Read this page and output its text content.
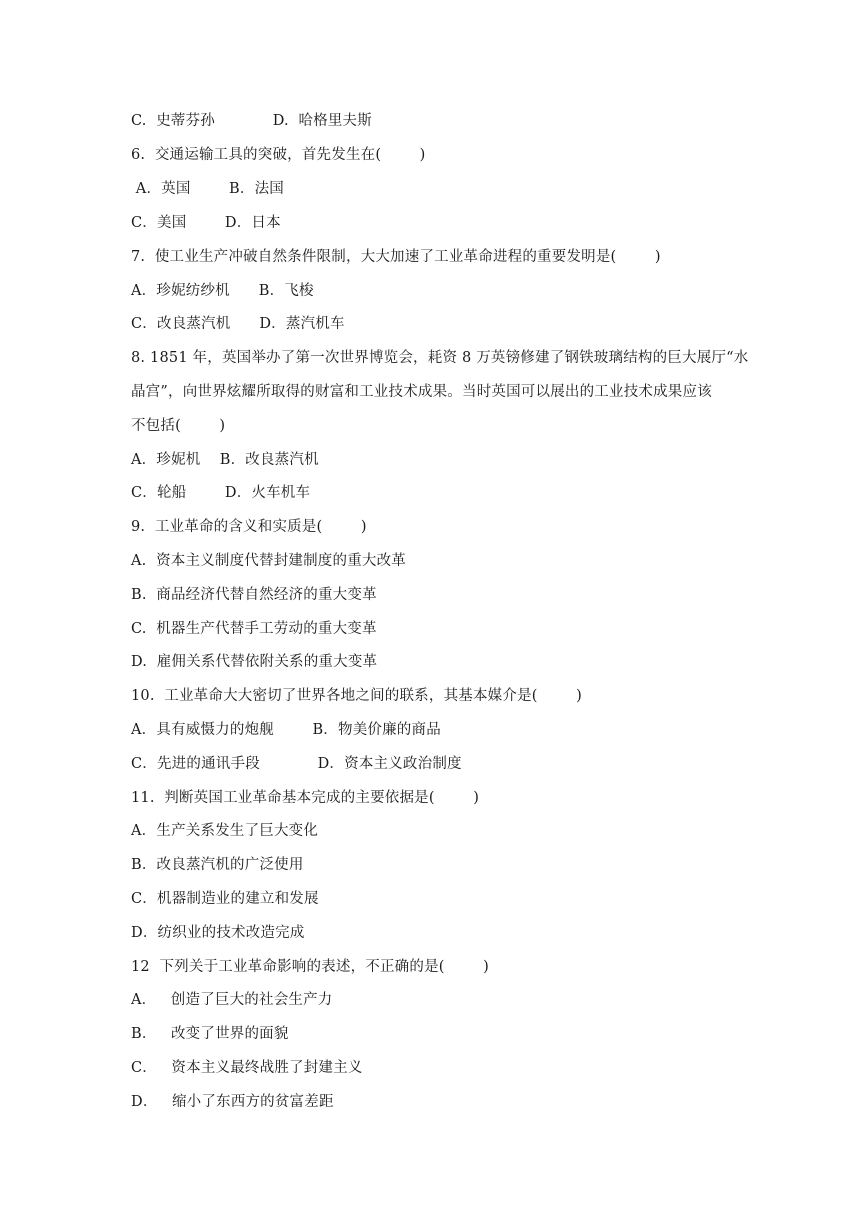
C.  史蒂芬孙            D.  哈格里夫斯
6.  交通运输工具的突破，首先发生在(        )
A．英国        B．法国
C．美国        D．日本
7.  使工业生产冲破自然条件限制，大大加速了工业革命进程的重要发明是(        )
A．珍妮纺纱机      B．飞梭
C．改良蒸汽机      D．蒸汽机车
8. 1851 年，英国举办了第一次世界博览会，耗资 8 万英镑修建了钢铁玻璃结构的巨大展厅“水
晶宫”，向世界炫耀所取得的财富和工业技术成果。当时英国可以展出的工业技术成果应该
不包括(        )
A．珍妮机    B．改良蒸汽机
C．轮船        D．火车机车
9.  工业革命的含义和实质是(        )
A.  资本主义制度代替封建制度的重大改革
B.  商品经济代替自然经济的重大变革
C.  机器生产代替手工劳动的重大变革
D.  雇佣关系代替依附关系的重大变革
10.  工业革命大大密切了世界各地之间的联系，其基本媒介是(        )
A．具有威慑力的炮舰        B．物美价廉的商品
C．先进的通讯手段            D．资本主义政治制度
11.  判断英国工业革命基本完成的主要依据是(        )
A．生产关系发生了巨大变化
B．改良蒸汽机的广泛使用
C．机器制造业的建立和发展
D．纺织业的技术改造完成
12  下列关于工业革命影响的表述，不正确的是(        )
A．   创造了巨大的社会生产力
B．   改变了世界的面貌
C．   资本主义最终战胜了封建主义
D．   缩小了东西方的贫富差距
